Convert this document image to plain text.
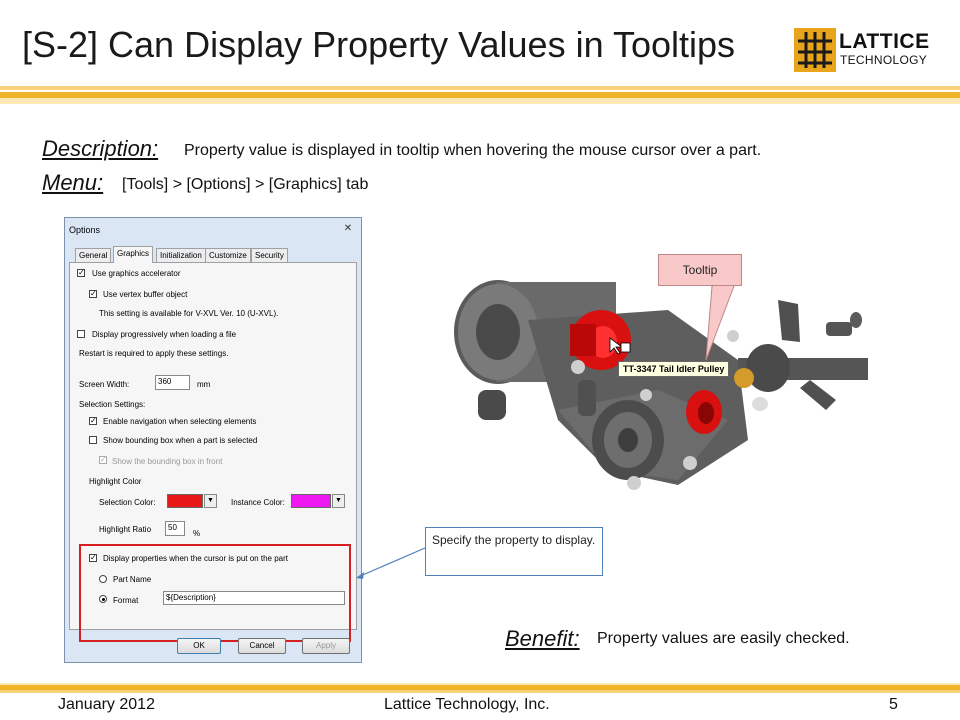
[S-2] Can Display Property Values in Tooltips	LATTICE
TECHNOLOGY
Description: Property value is displayed in tooltip when hovering the mouse cursor over a part.
Menu: [Tools] > [Options] > [Graphics] tab
Options	✕
General	Graphics	Initialization Customize	Security
✓ Use graphics accelerator
✓ Use vertex buffer object
This setting is available for V-XVL Ver. 10 (U-XVL).
Display progressively when loading a file
Restart is required to apply these settings.
Screen Width:	360	mm
Selection Settings:
✓ Enable navigation when selecting elements
Show bounding box when a part is selected
✓ Show the bounding box in front
Highlight Color
Selection Color:	▼	Instance Color:	▼
Highlight Ratio	50
%
✓ Display properties when the cursor is put on the part
Part Name
Format	${Description}
OK	Cancel	Apply
TT-3347 Tail Idler Pulley
Tooltip
Specify the property to display.
Benefit: Property values are easily checked.
January 2012	Lattice Technology, Inc.	5
